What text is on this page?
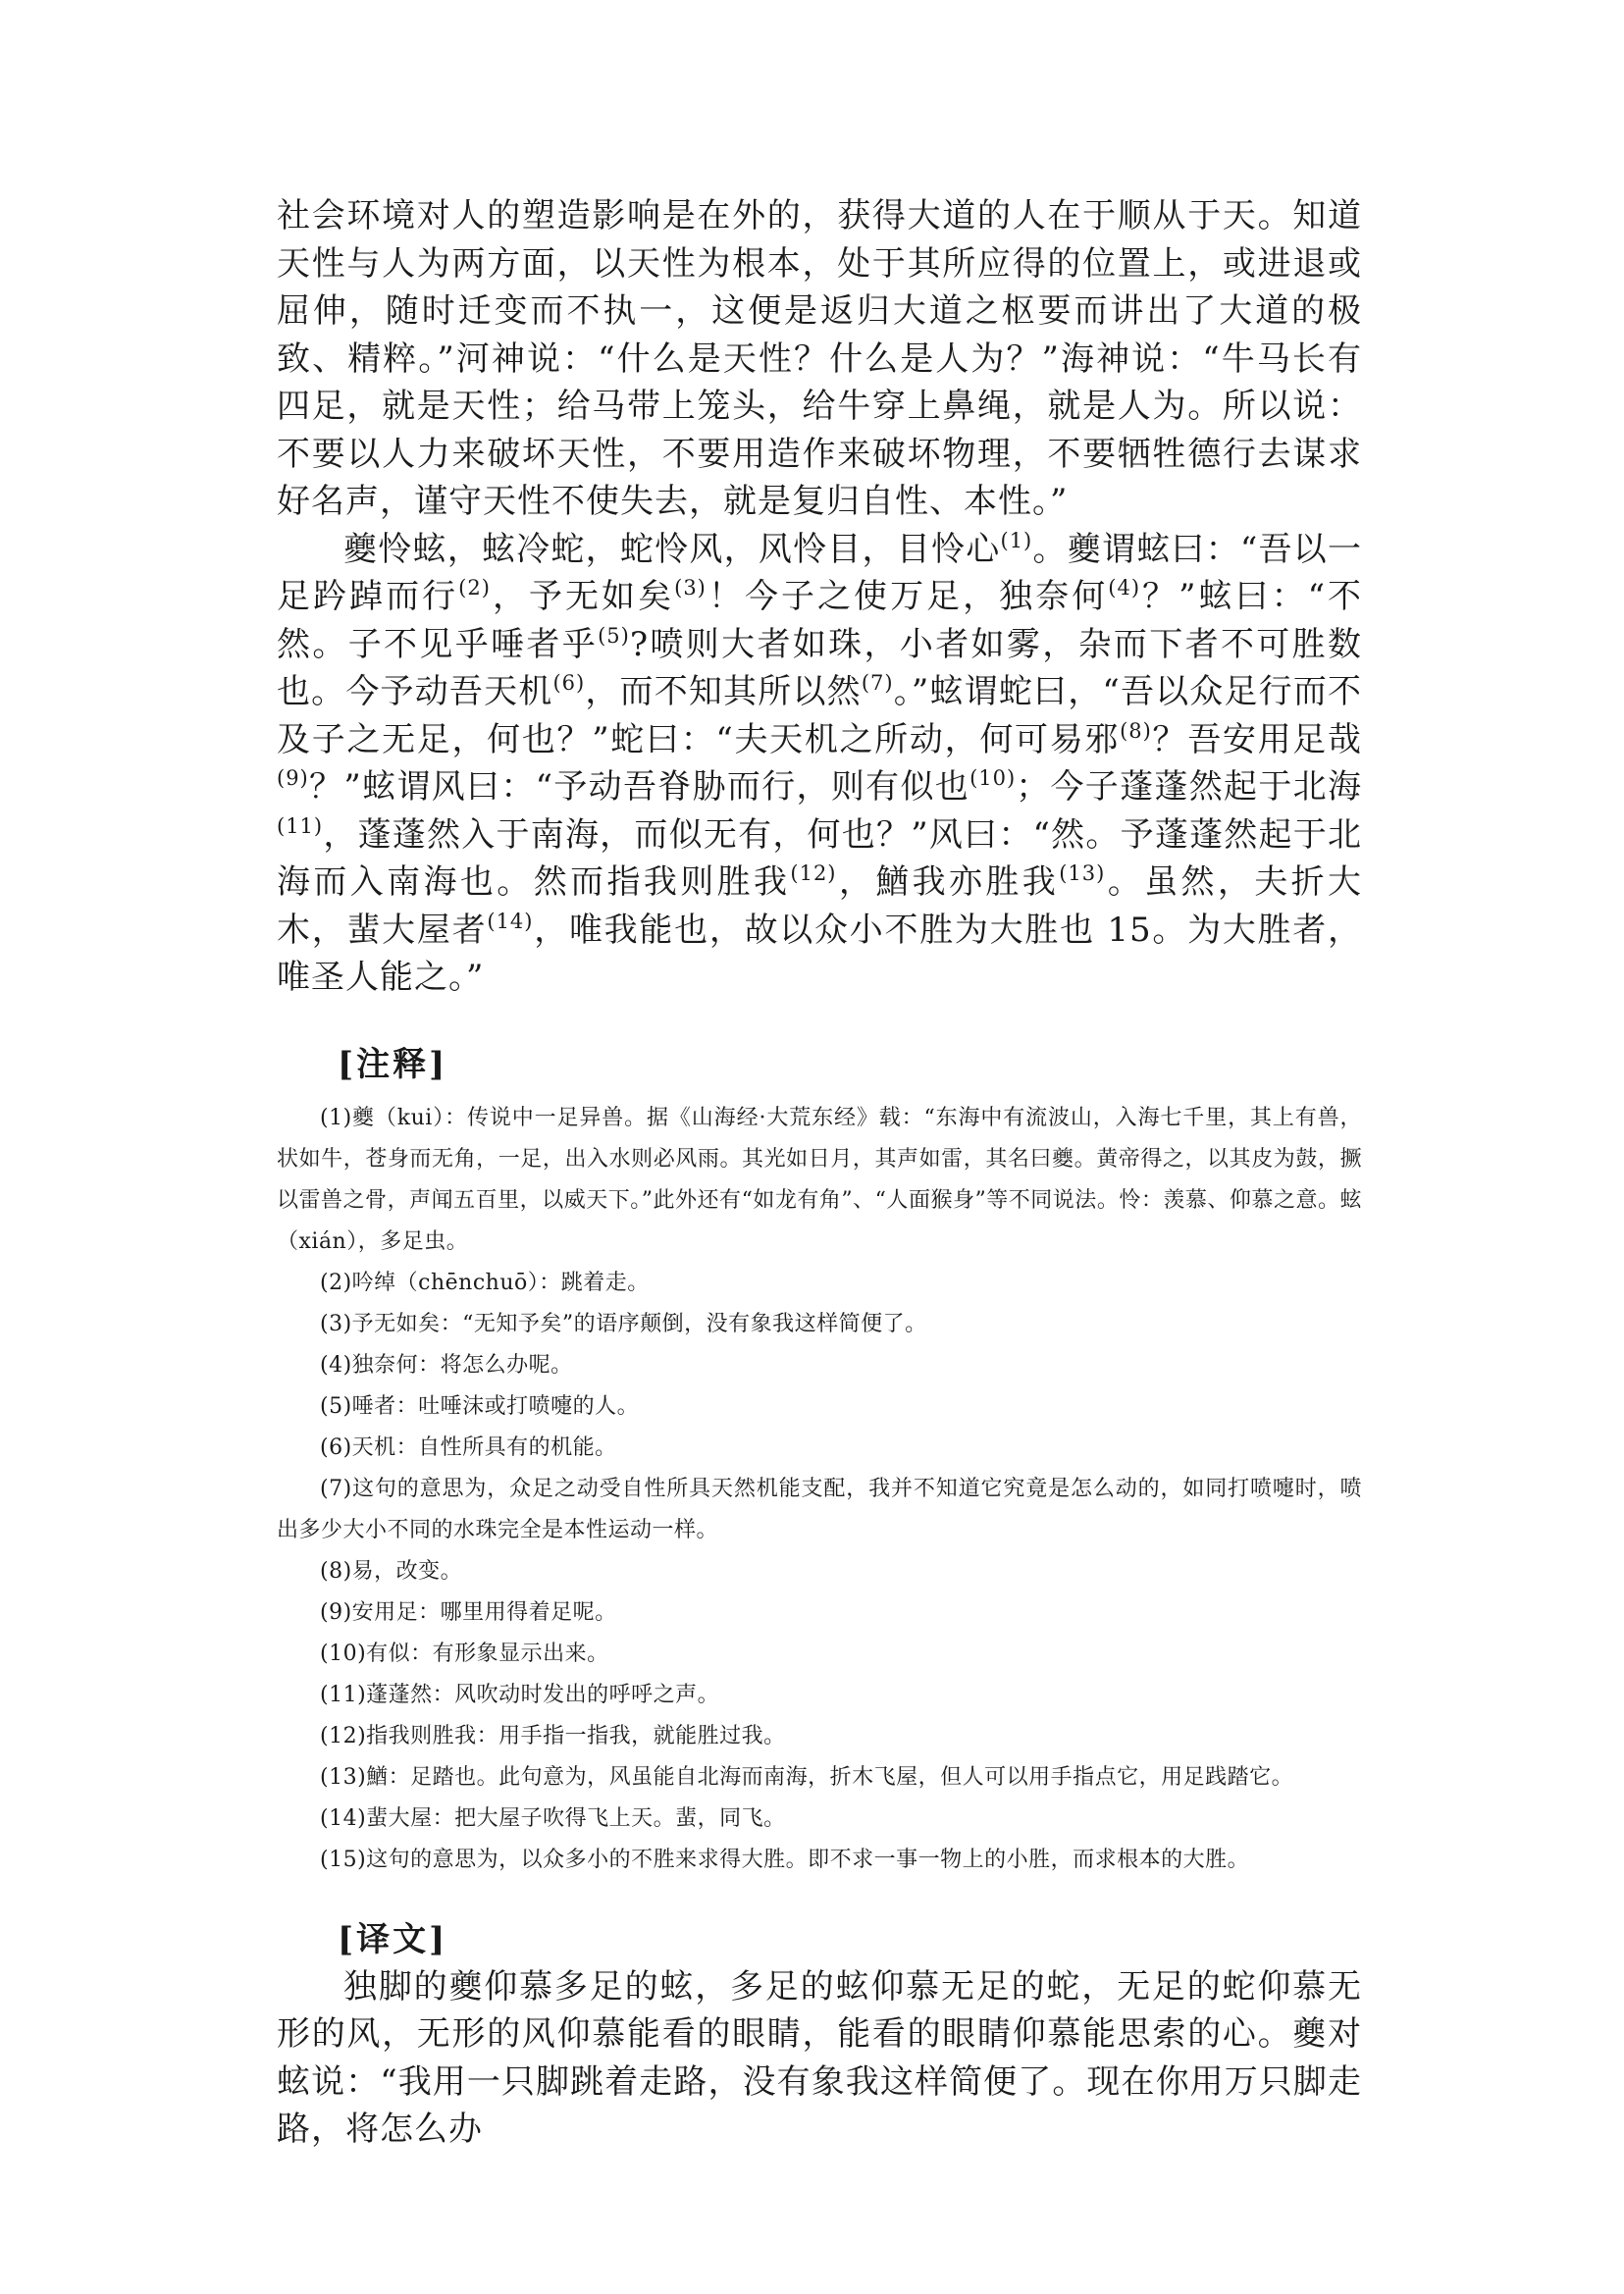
社会环境对人的塑造影响是在外的，获得大道的人在于顺从于天。知道天性与人为两方面，以天性为根本，处于其所应得的位置上，或进退或屈伸，随时迁变而不执一，这便是返归大道之枢要而讲出了大道的极致、精粹。”河神说：“什么是天性？什么是人为？”海神说：“牛马长有四足，就是天性；给马带上笼头，给牛穿上鼻绳，就是人为。所以说：不要以人力来破坏天性，不要用造作来破坏物理，不要牺牲德行去谋求好名声，谨守天性不使失去，就是复归自性、本性。”

夔怜蚿，蚿冷蛇，蛇怜风，风怜目，目怜心$^{(1)}$。夔谓蚿曰：“吾以一足趻踔而行$^{(2)}$，予无如矣$^{(3)}$！今子之使万足，独奈何$^{(4)}$？”蚿曰：“不然。子不见乎唾者乎$^{(5)}$?喷则大者如珠，小者如雾，杂而下者不可胜数也。今予动吾天机$^{(6)}$，而不知其所以然$^{(7)}$。”蚿谓蛇曰，“吾以众足行而不及子之无足，何也？”蛇曰：“夫天机之所动，何可易邪$^{(8)}$？吾安用足哉$^{(9)}$？”蚿谓风曰：“予动吾脊胁而行，则有似也$^{(10)}$；今子蓬蓬然起于北海$^{(11)}$，蓬蓬然入于南海，而似无有，何也？”风曰：“然。予蓬蓬然起于北海而入南海也。然而指我则胜我$^{(12)}$，鰌我亦胜我$^{(13)}$。虽然，夫折大木，蜚大屋者$^{(14)}$，唯我能也，故以众小不胜为大胜也 15。为大胜者，唯圣人能之。”

[注释]

(1)夔（kui）：传说中一足异兽。据《山海经·大荒东经》载：“东海中有流波山，入海七千里，其上有兽，状如牛，苍身而无角，一足，出入水则必风雨。其光如日月，其声如雷，其名曰夔。黄帝得之，以其皮为鼓，撅以雷兽之骨，声闻五百里，以威天下。”此外还有“如龙有角”、“人面猴身”等不同说法。怜：羡慕、仰慕之意。蚿（xián），多足虫。

(2)吟绰（chēnchuō）：跳着走。

(3)予无如矣：“无知予矣”的语序颠倒，没有象我这样简便了。

(4)独奈何：将怎么办呢。

(5)唾者：吐唾沫或打喷嚏的人。

(6)天机：自性所具有的机能。

(7)这句的意思为，众足之动受自性所具天然机能支配，我并不知道它究竟是怎么动的，如同打喷嚏时，喷出多少大小不同的水珠完全是本性运动一样。

(8)易，改变。

(9)安用足：哪里用得着足呢。

(10)有似：有形象显示出来。

(11)蓬蓬然：风吹动时发出的呼呼之声。

(12)指我则胜我：用手指一指我，就能胜过我。

(13)鰌：足踏也。此句意为，风虽能自北海而南海，折木飞屋，但人可以用手指点它，用足践踏它。

(14)蜚大屋：把大屋子吹得飞上天。蜚，同飞。

(15)这句的意思为，以众多小的不胜来求得大胜。即不求一事一物上的小胜，而求根本的大胜。

[译文]

独脚的夔仰慕多足的蚿，多足的蚿仰慕无足的蛇，无足的蛇仰慕无形的风，无形的风仰慕能看的眼睛，能看的眼睛仰慕能思索的心。夔对蚿说：“我用一只脚跳着走路，没有象我这样简便了。现在你用万只脚走路，将怎么办
